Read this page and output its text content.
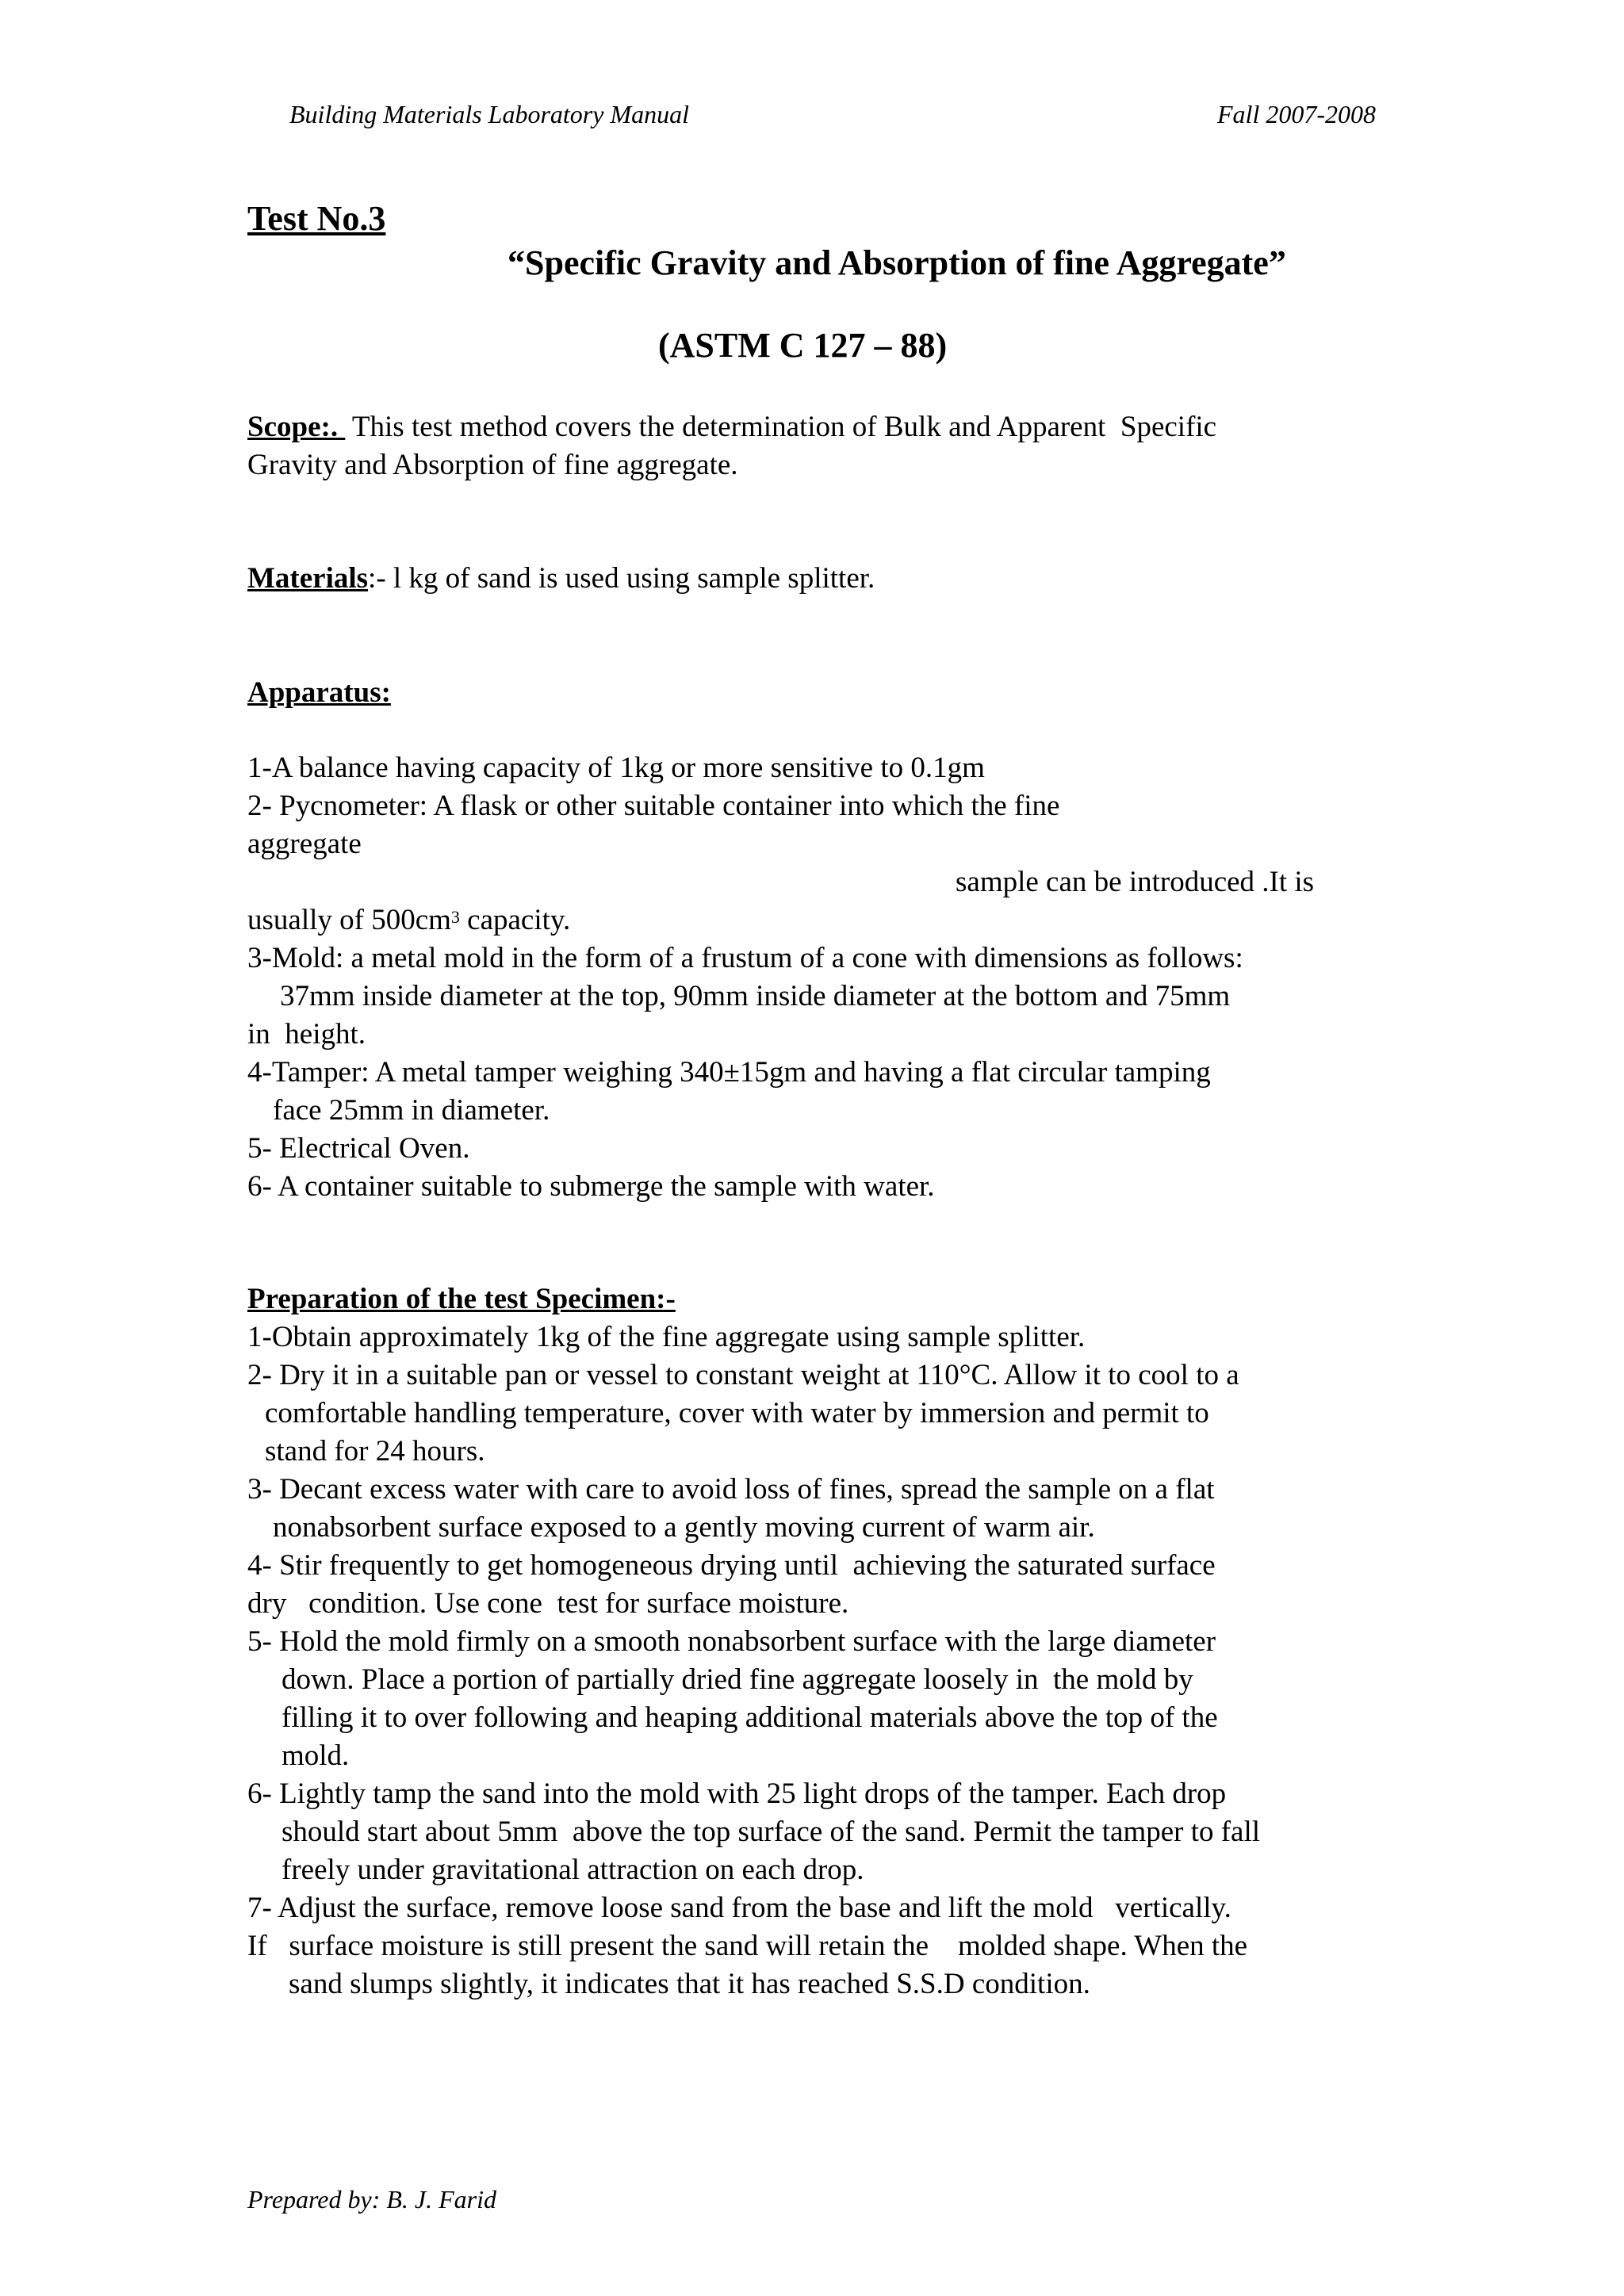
Building Materials Laboratory Manual	Fall 2007-2008
Test No.3
“Specific Gravity and Absorption of fine Aggregate”
(ASTM C 127 – 88)
Scope:.  This test method covers the determination of Bulk and Apparent  Specific
Gravity and Absorption of fine aggregate.
Materials:- l kg of sand is used using sample splitter.
Apparatus:
1-A balance having capacity of 1kg or more sensitive to 0.1gm
2- Pycnometer: A flask or other suitable container into which the fine
aggregate
sample can be introduced .It is
usually of $500cm^3$ capacity.
3-Mold: a metal mold in the form of a frustum of a cone with dimensions as follows:
37mm inside diameter at the top, 90mm inside diameter at the bottom and 75mm
in  height.
4-Tamper: A metal tamper weighing 340±15gm and having a flat circular tamping
face 25mm in diameter.
5- Electrical Oven.
6- A container suitable to submerge the sample with water.
Preparation of the test Specimen:-
1-Obtain approximately 1kg of the fine aggregate using sample splitter.
2- Dry it in a suitable pan or vessel to constant weight at 110°C. Allow it to cool to a
comfortable handling temperature, cover with water by immersion and permit to
stand for 24 hours.
3- Decant excess water with care to avoid loss of fines, spread the sample on a flat
nonabsorbent surface exposed to a gently moving current of warm air.
4- Stir frequently to get homogeneous drying until  achieving the saturated surface
dry   condition. Use cone  test for surface moisture.
5- Hold the mold firmly on a smooth nonabsorbent surface with the large diameter
down. Place a portion of partially dried fine aggregate loosely in  the mold by
filling it to over following and heaping additional materials above the top of the
mold.
6- Lightly tamp the sand into the mold with 25 light drops of the tamper. Each drop
should start about 5mm  above the top surface of the sand. Permit the tamper to fall
freely under gravitational attraction on each drop.
7- Adjust the surface, remove loose sand from the base and lift the mold   vertically.
If   surface moisture is still present the sand will retain the    molded shape. When the
sand slumps slightly, it indicates that it has reached S.S.D condition.
Prepared by: B. J. Farid
